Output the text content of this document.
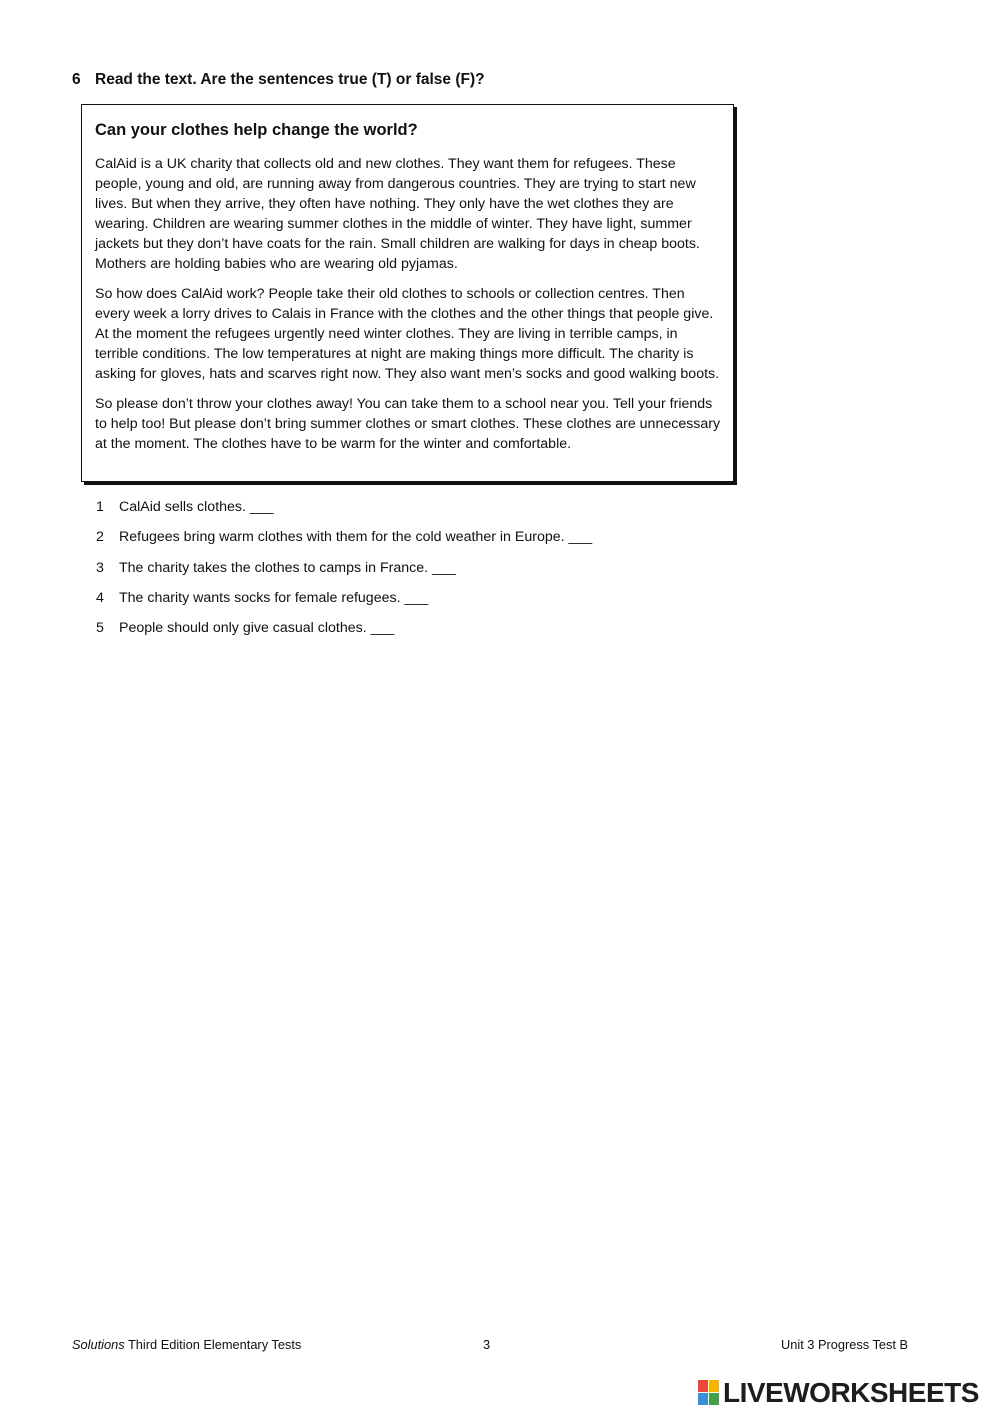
6 Read the text. Are the sentences true (T) or false (F)?
Can your clothes help change the world?

CalAid is a UK charity that collects old and new clothes. They want them for refugees. These people, young and old, are running away from dangerous countries. They are trying to start new lives. But when they arrive, they often have nothing. They only have the wet clothes they are wearing. Children are wearing summer clothes in the middle of winter. They have light, summer jackets but they don’t have coats for the rain. Small children are walking for days in cheap boots. Mothers are holding babies who are wearing old pyjamas.

So how does CalAid work? People take their old clothes to schools or collection centres. Then every week a lorry drives to Calais in France with the clothes and the other things that people give. At the moment the refugees urgently need winter clothes. They are living in terrible camps, in terrible conditions. The low temperatures at night are making things more difficult. The charity is asking for gloves, hats and scarves right now. They also want men’s socks and good walking boots.

So please don’t throw your clothes away! You can take them to a school near you. Tell your friends to help too! But please don’t bring summer clothes or smart clothes. These clothes are unnecessary at the moment. The clothes have to be warm for the winter and comfortable.

1 CalAid sells clothes. ___
2 Refugees bring warm clothes with them for the cold weather in Europe. ___
3 The charity takes the clothes to camps in France. ___
4 The charity wants socks for female refugees. ___
5 People should only give casual clothes. ___
Solutions Third Edition Elementary Tests	3	Unit 3 Progress Test B
LIVEWORKSHEETS
